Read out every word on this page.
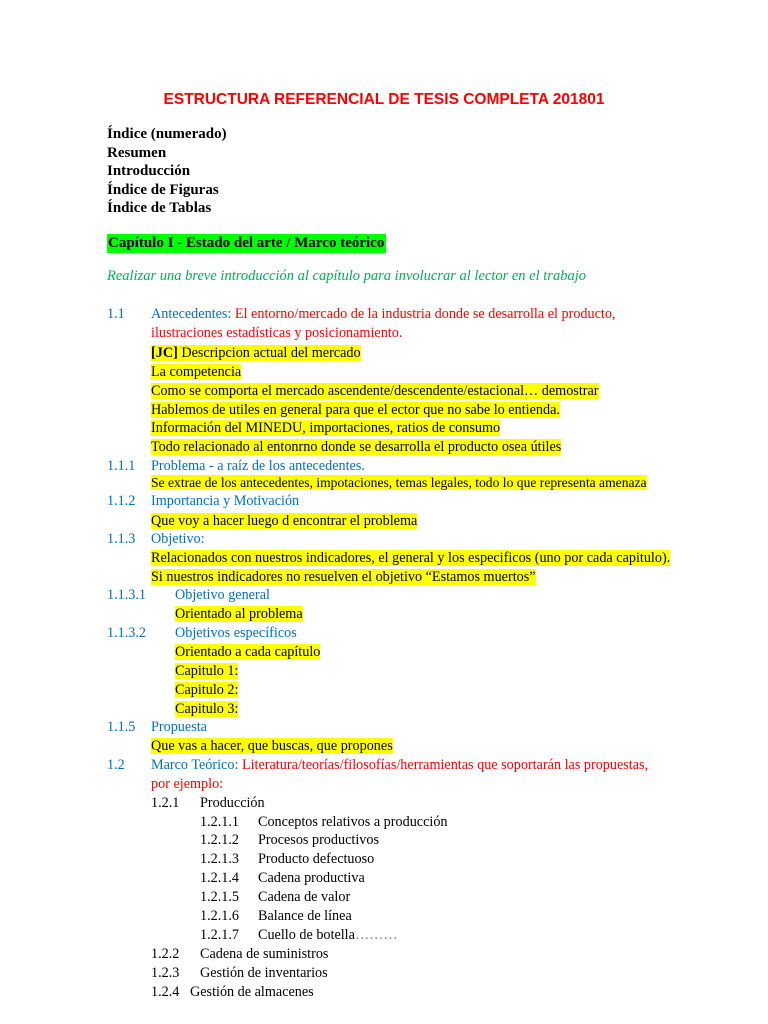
ESTRUCTURA REFERENCIAL DE TESIS COMPLETA 201801
Índice (numerado)
Resumen
Introducción
Índice de Figuras
Índice de Tablas
Capítulo I - Estado del arte / Marco teórico
Realizar una breve introducción al capítulo para involucrar al lector en el trabajo
1.1 Antecedentes: El entorno/mercado de la industria donde se desarrolla el producto,
ilustraciones estadísticas y posicionamiento.
[JC] Descripcion actual del mercado
La competencia
Como se comporta el mercado ascendente/descendente/estacional… demostrar
Hablemos de utiles en general para que el ector que no sabe lo entienda.
Información del MINEDU, importaciones, ratios de consumo
Todo relacionado al entonrno donde se desarrolla el producto osea útiles
1.1.1 Problema - a raíz de los antecedentes.
Se extrae de los antecedentes, impotaciones, temas legales, todo lo que representa amenaza
1.1.2 Importancia y Motivación
Que voy a hacer luego d encontrar el problema
1.1.3 Objetivo:
Relacionados con nuestros indicadores, el general y los especificos (uno por cada capitulo).
Si nuestros indicadores no resuelven el objetivo “Estamos muertos”
1.1.3.1 Objetivo general
Orientado al problema
1.1.3.2 Objetivos específicos
Orientado a cada capítulo
Capitulo 1:
Capitulo 2:
Capitulo 3:
1.1.5 Propuesta
Que vas a hacer, que buscas, que propones
1.2 Marco Teórico: Literatura/teorías/filosofías/herramientas que soportarán las propuestas,
por ejemplo:
1.2.1 Producción
1.2.1.1 Conceptos relativos a producción
1.2.1.2 Procesos productivos
1.2.1.3 Producto defectuoso
1.2.1.4 Cadena productiva
1.2.1.5 Cadena de valor
1.2.1.6 Balance de línea
1.2.1.7 Cuello de botella………
1.2.2 Cadena de suministros
1.2.3 Gestión de inventarios
1.2.4 Gestión de almacenes
